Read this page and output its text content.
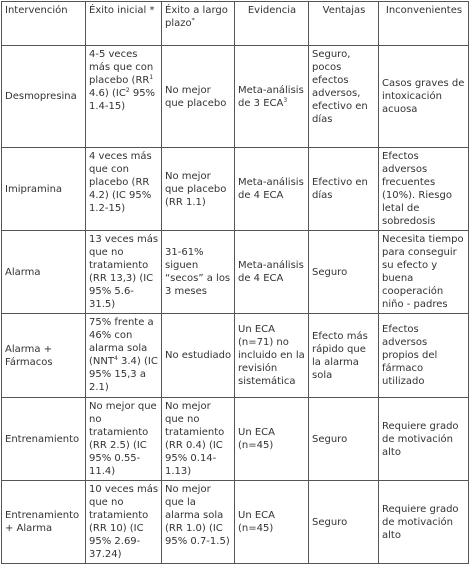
Intervención	Éxito inicial *	Éxito a largo plazo*	Evidencia	Ventajas	Inconvenientes
Desmopresina	4-5 veces más que con placebo ($RR^1$ 4.6) ($IC^2$ 95% 1.4-15)	No mejor que placebo	Meta-análisis de 3 ECA$^3$	Seguro, pocos efectos adversos, efectivo en días	Casos graves de intoxicación acuosa
Imipramina	4 veces más que con placebo (RR 4.2) (IC 95% 1.2-15)	No mejor que placebo (RR 1.1)	Meta-análisis de 4 ECA	Efectivo en días	Efectos adversos frecuentes (10%). Riesgo letal de sobredosis
Alarma	13 veces más que no tratamiento (RR 13,3) (IC 95% 5.6-31.5)	31-61% siguen “secos” a los 3 meses	Meta-análisis de 4 ECA	Seguro	Necesita tiempo para conseguir su efecto y buena cooperación niño - padres
Alarma + Fármacos	75% frente a 46% con alarma sola (NNT$^4$ 3.4) (IC 95% 15,3 a 2.1)	No estudiado	Un ECA (n=71) no incluido en la revisión sistemática	Efecto más rápido que la alarma sola	Efectos adversos propios del fármaco utilizado
Entrenamiento	No mejor que no tratamiento (RR 2.5) (IC 95% 0.55-11.4)	No mejor que no tratamiento (RR 0.4) (IC 95% 0.14-1.13)	Un ECA (n=45)	Seguro	Requiere grado de motivación alto
Entrenamiento + Alarma	10 veces más que no tratamiento (RR 10) (IC 95% 2.69-37.24)	No mejor que la alarma sola (RR 1.0) (IC 95% 0.7-1.5)	Un ECA (n=45)	Seguro	Requiere grado de motivación alto
